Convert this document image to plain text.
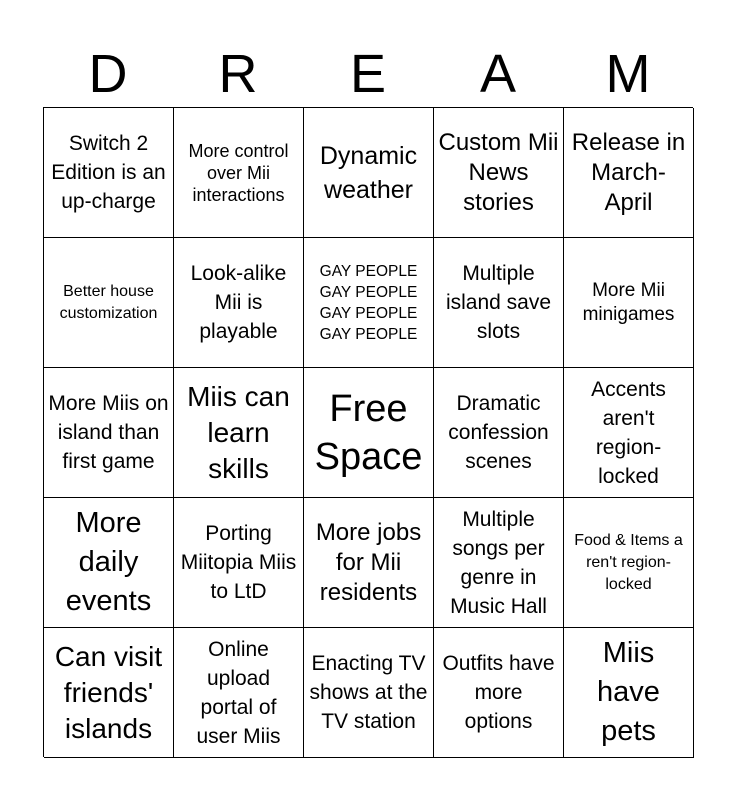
D	R	E	A	M
Switch 2 Edition is an up-charge
More control over Mii interactions
Dynamic weather
Custom Mii News stories
Release in March-April
Better house customization
Look-alike Mii is playable
GAY PEOPLE GAY PEOPLE GAY PEOPLE GAY PEOPLE
Multiple island save slots
More Mii minigames
More Miis on island than first game
Miis can learn skills
Free Space
Dramatic confession scenes
Accents aren't region-locked
More daily events
Porting Miitopia Miis to LtD
More jobs for Mii residents
Multiple songs per genre in Music Hall
Food & Items a ren't region-locked
Can visit friends' islands
Online upload portal of user Miis
Enacting TV shows at the TV station
Outfits have more options
Miis have pets
